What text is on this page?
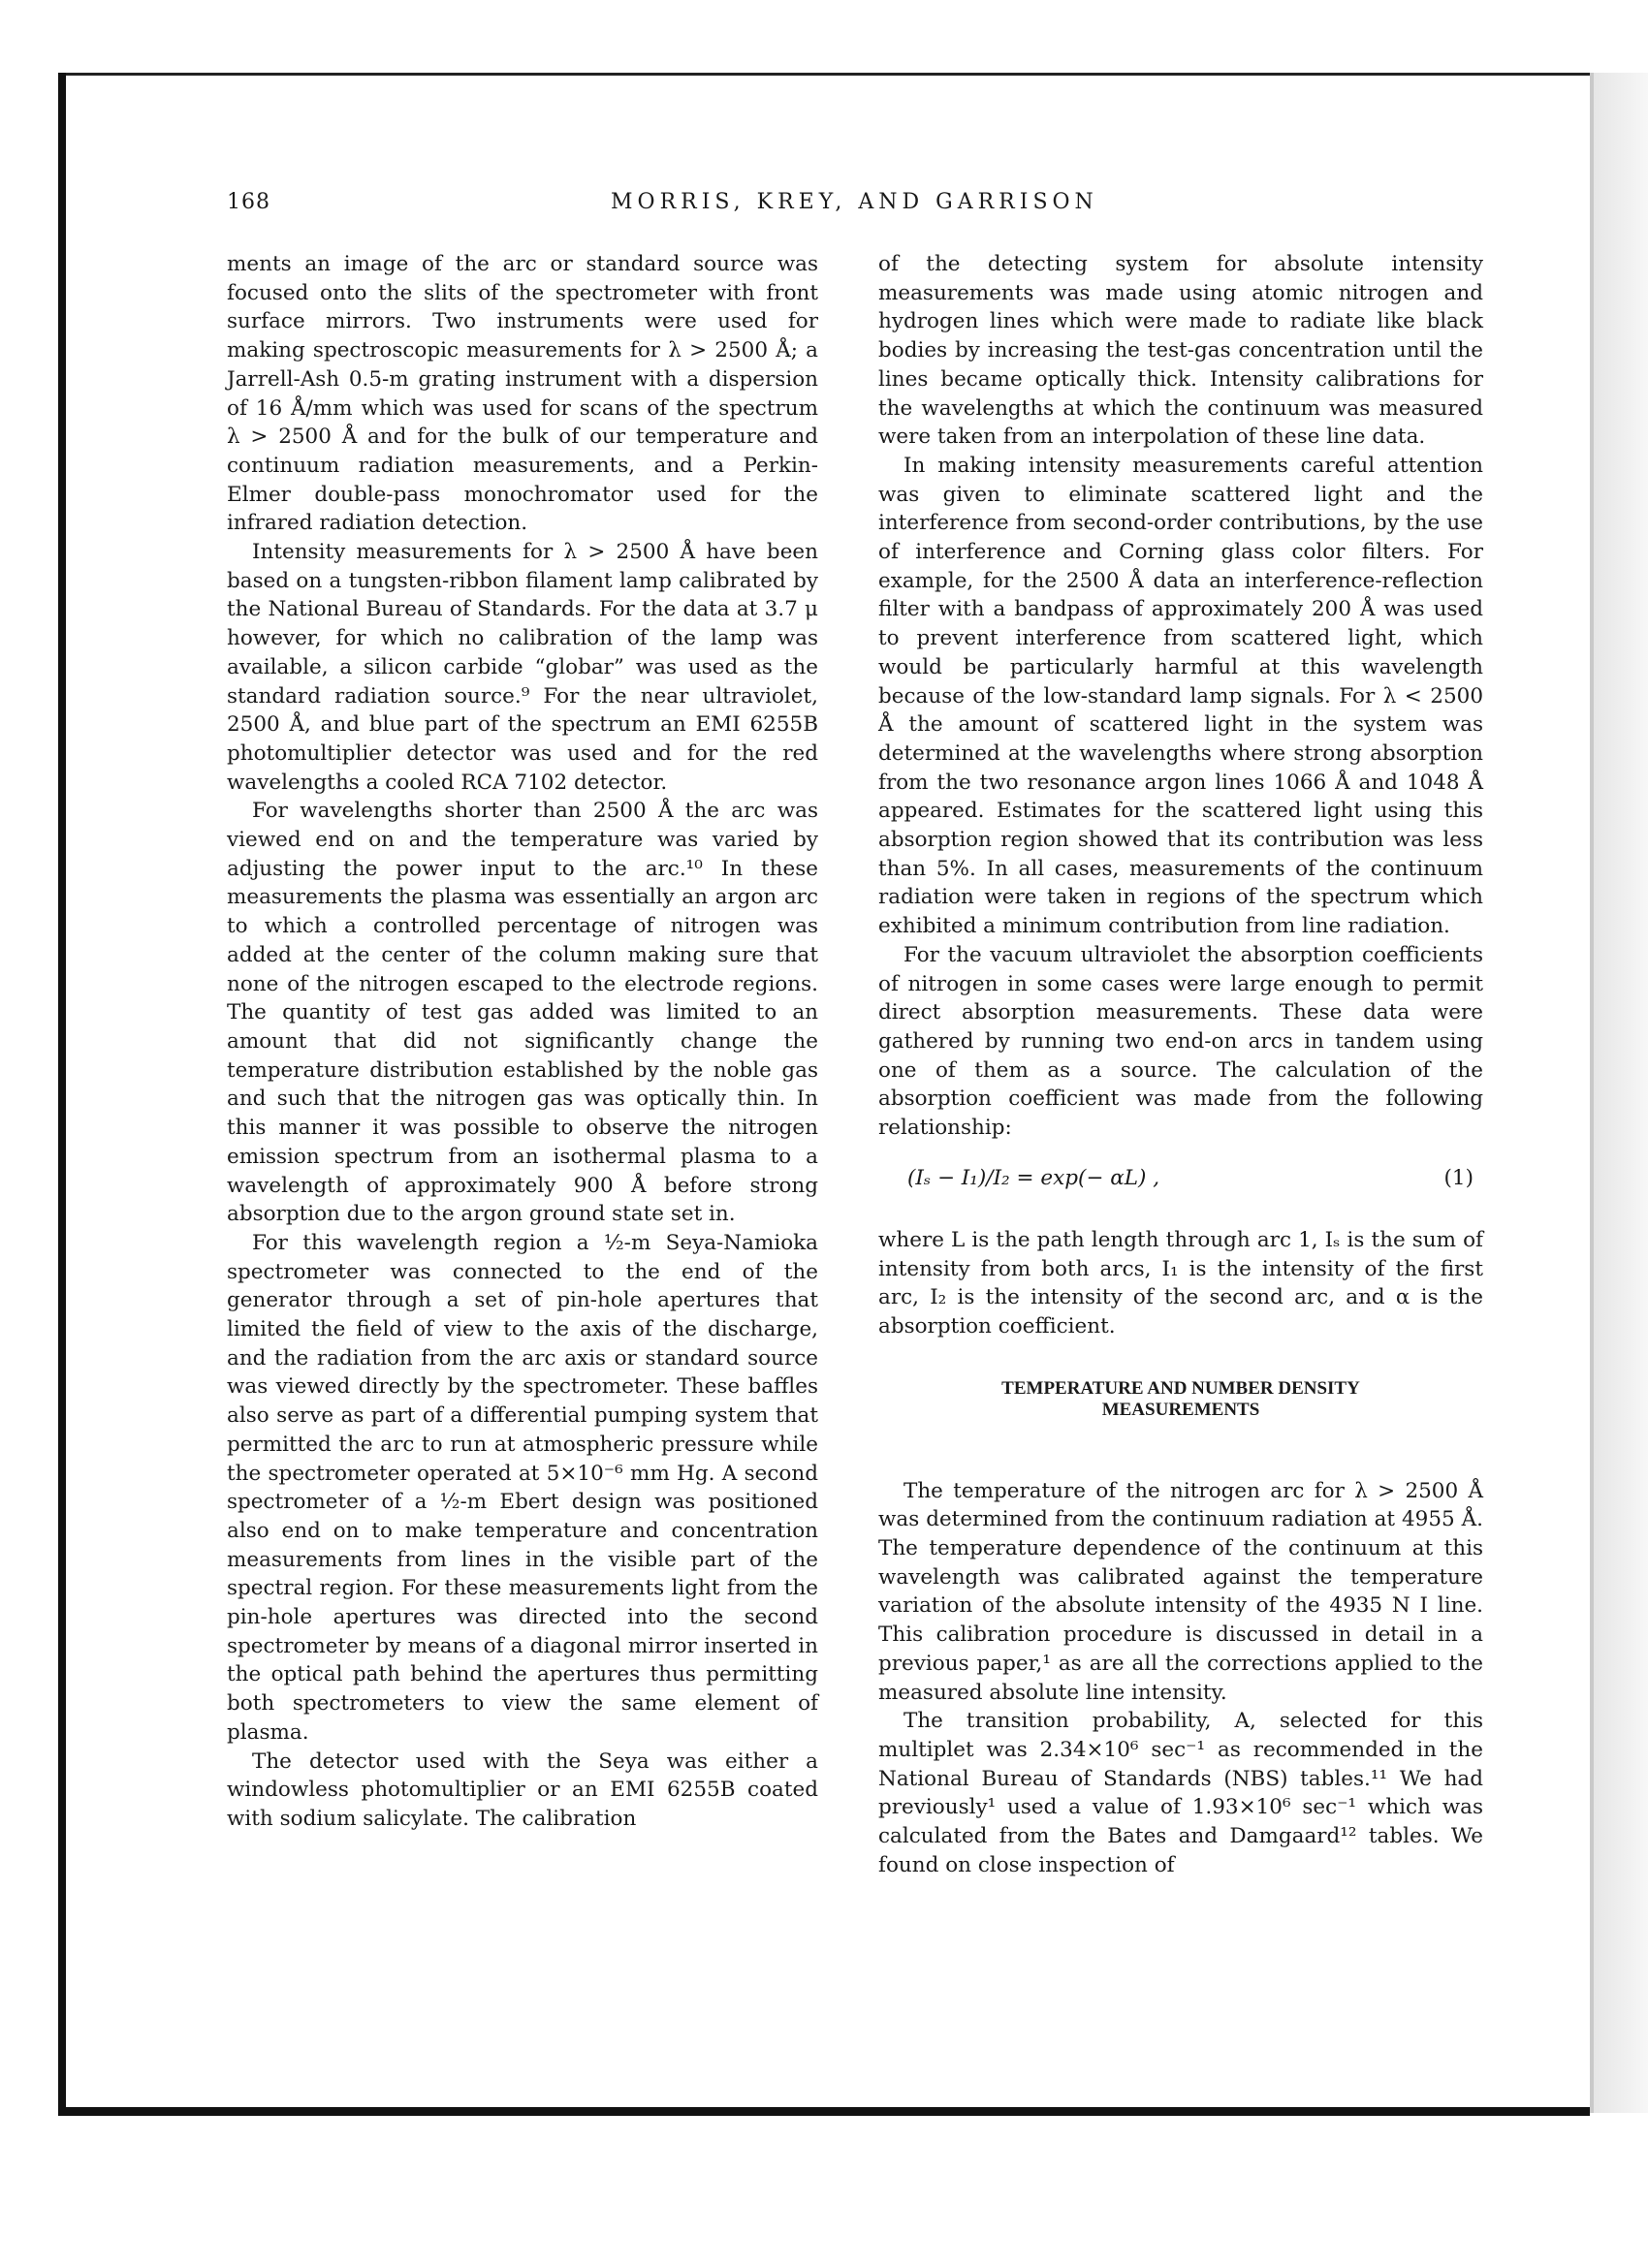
168	MORRIS, KREY, AND GARRISON

ments an image of the arc or standard source was focused onto the slits of the spectrometer with front surface mirrors. Two instruments were used for making spectroscopic measurements for λ > 2500 Å; a Jarrell-Ash 0.5-m grating instrument with a dispersion of 16 Å/mm which was used for scans of the spectrum λ > 2500 Å and for the bulk of our temperature and continuum radiation measurements, and a Perkin-Elmer double-pass monochromator used for the infrared radiation detection.

Intensity measurements for λ > 2500 Å have been based on a tungsten-ribbon filament lamp calibrated by the National Bureau of Standards. For the data at 3.7 μ however, for which no calibration of the lamp was available, a silicon carbide “globar” was used as the standard radiation source.⁹ For the near ultraviolet, 2500 Å, and blue part of the spectrum an EMI 6255B photomultiplier detector was used and for the red wavelengths a cooled RCA 7102 detector.

For wavelengths shorter than 2500 Å the arc was viewed end on and the temperature was varied by adjusting the power input to the arc.¹⁰ In these measurements the plasma was essentially an argon arc to which a controlled percentage of nitrogen was added at the center of the column making sure that none of the nitrogen escaped to the electrode regions. The quantity of test gas added was limited to an amount that did not significantly change the temperature distribution established by the noble gas and such that the nitrogen gas was optically thin. In this manner it was possible to observe the nitrogen emission spectrum from an isothermal plasma to a wavelength of approximately 900 Å before strong absorption due to the argon ground state set in.

For this wavelength region a ½-m Seya-Namioka spectrometer was connected to the end of the generator through a set of pin-hole apertures that limited the field of view to the axis of the discharge, and the radiation from the arc axis or standard source was viewed directly by the spectrometer. These baffles also serve as part of a differential pumping system that permitted the arc to run at atmospheric pressure while the spectrometer operated at 5×10⁻⁶ mm Hg. A second spectrometer of a ½-m Ebert design was positioned also end on to make temperature and concentration measurements from lines in the visible part of the spectral region. For these measurements light from the pin-hole apertures was directed into the second spectrometer by means of a diagonal mirror inserted in the optical path behind the apertures thus permitting both spectrometers to view the same element of plasma.

The detector used with the Seya was either a windowless photomultiplier or an EMI 6255B coated with sodium salicylate. The calibration

of the detecting system for absolute intensity measurements was made using atomic nitrogen and hydrogen lines which were made to radiate like black bodies by increasing the test-gas concentration until the lines became optically thick. Intensity calibrations for the wavelengths at which the continuum was measured were taken from an interpolation of these line data.

In making intensity measurements careful attention was given to eliminate scattered light and the interference from second-order contributions, by the use of interference and Corning glass color filters. For example, for the 2500 Å data an interference-reflection filter with a bandpass of approximately 200 Å was used to prevent interference from scattered light, which would be particularly harmful at this wavelength because of the low-standard lamp signals. For λ < 2500 Å the amount of scattered light in the system was determined at the wavelengths where strong absorption from the two resonance argon lines 1066 Å and 1048 Å appeared. Estimates for the scattered light using this absorption region showed that its contribution was less than 5%. In all cases, measurements of the continuum radiation were taken in regions of the spectrum which exhibited a minimum contribution from line radiation.

For the vacuum ultraviolet the absorption coefficients of nitrogen in some cases were large enough to permit direct absorption measurements. These data were gathered by running two end-on arcs in tandem using one of them as a source. The calculation of the absorption coefficient was made from the following relationship:

(Iₛ − I₁)/I₂ = exp(− αL) ,	(1)

where L is the path length through arc 1, Iₛ is the sum of intensity from both arcs, I₁ is the intensity of the first arc, I₂ is the intensity of the second arc, and α is the absorption coefficient.

TEMPERATURE AND NUMBER DENSITY
MEASUREMENTS

The temperature of the nitrogen arc for λ > 2500 Å was determined from the continuum radiation at 4955 Å. The temperature dependence of the continuum at this wavelength was calibrated against the temperature variation of the absolute intensity of the 4935 N I line. This calibration procedure is discussed in detail in a previous paper,¹ as are all the corrections applied to the measured absolute line intensity.

The transition probability, A, selected for this multiplet was 2.34×10⁶ sec⁻¹ as recommended in the National Bureau of Standards (NBS) tables.¹¹ We had previously¹ used a value of 1.93×10⁶ sec⁻¹ which was calculated from the Bates and Damgaard¹² tables. We found on close inspection of
